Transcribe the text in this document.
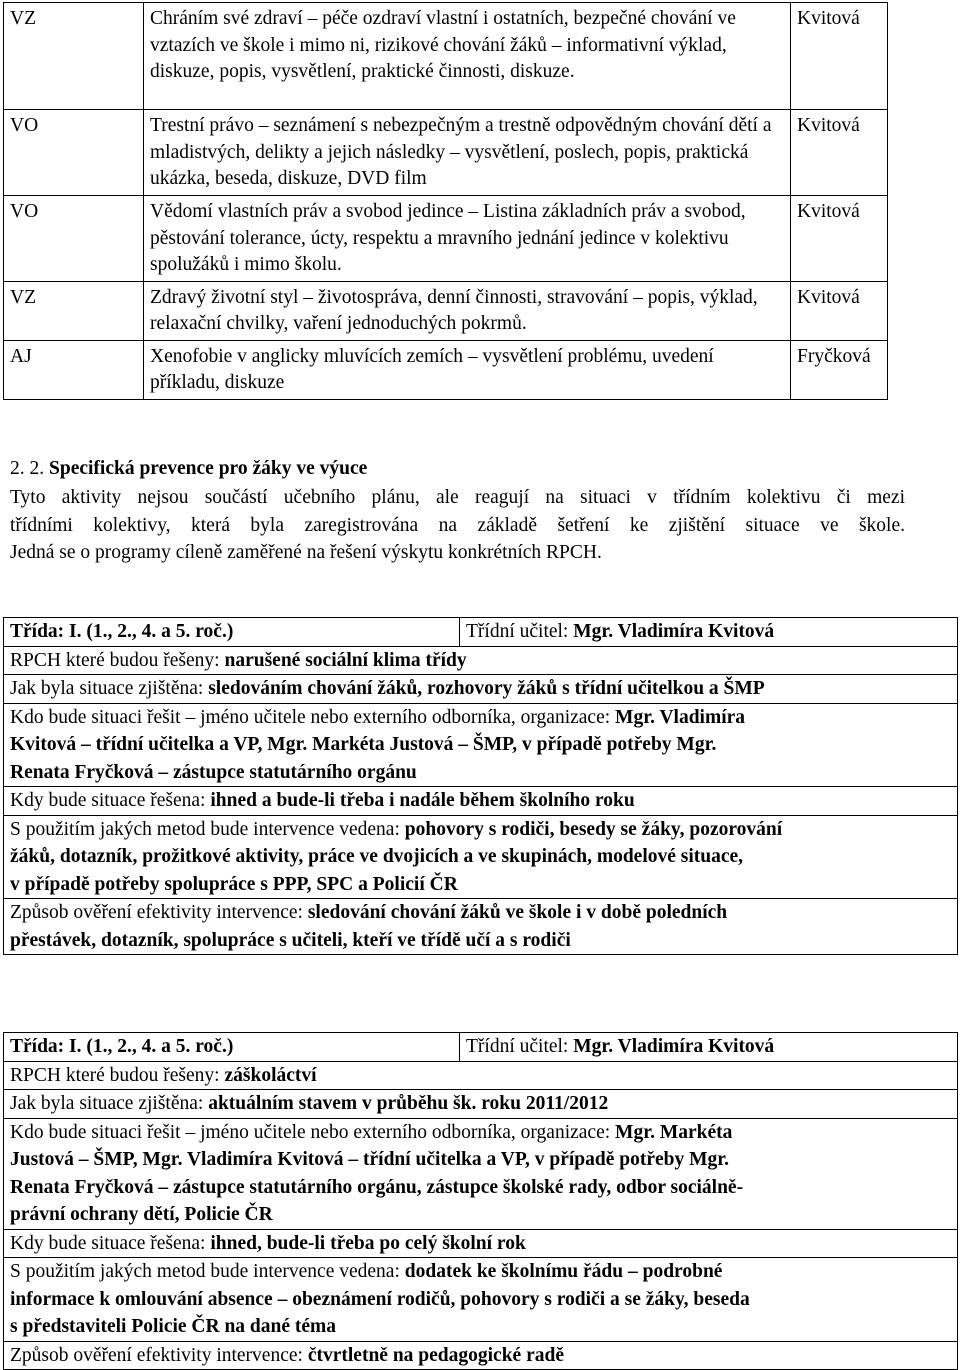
VZ	Chráním své zdraví – péče ozdraví vlastní i ostatních, bezpečné chování ve vztazích ve škole i mimo ni, rizikové chování žáků – informativní výklad, diskuze, popis, vysvětlení, praktické činnosti, diskuze.	Kvitová
VO	Trestní právo – seznámení s nebezpečným a trestně odpovědným chování dětí a mladistvých, delikty a jejich následky – vysvětlení, poslech, popis, praktická ukázka, beseda, diskuze, DVD film	Kvitová
VO	Vědomí vlastních práv a svobod jedince – Listina základních práv a svobod, pěstování tolerance, úcty, respektu a mravního jednání jedince v kolektivu spolužáků i mimo školu.	Kvitová
VZ	Zdravý životní styl – životospráva, denní činnosti, stravování – popis, výklad, relaxační chvilky, vaření jednoduchých pokrmů.	Kvitová
AJ	Xenofobie v anglicky mluvících zemích – vysvětlení problému, uvedení příkladu, diskuze	Fryčková
2. 2. Specifická prevence pro žáky ve výuce
Tyto aktivity nejsou součástí učebního plánu, ale reagují na situaci v třídním kolektivu či mezi
třídními kolektivy, která byla zaregistrována na základě šetření ke zjištění situace ve škole.
Jedná se o programy cíleně zaměřené na řešení výskytu konkrétních RPCH.
Třída: I. (1., 2., 4. a 5. roč.)	Třídní učitel: Mgr. Vladimíra Kvitová
RPCH které budou řešeny: narušené sociální klima třídy
Jak byla situace zjištěna: sledováním chování žáků, rozhovory žáků s třídní učitelkou a ŠMP
Kdo bude situaci řešit – jméno učitele nebo externího odborníka, organizace: Mgr. Vladimíra
Kvitová – třídní učitelka a VP, Mgr. Markéta Justová – ŠMP, v případě potřeby Mgr.
Renata Fryčková – zástupce statutárního orgánu
Kdy bude situace řešena: ihned a bude-li třeba i nadále během školního roku
S použitím jakých metod bude intervence vedena: pohovory s rodiči, besedy se žáky, pozorování
žáků, dotazník, prožitkové aktivity, práce ve dvojicích a ve skupinách, modelové situace,
v případě potřeby spolupráce s PPP, SPC a Policií ČR
Způsob ověření efektivity intervence: sledování chování žáků ve škole i v době poledních
přestávek, dotazník, spolupráce s učiteli, kteří ve třídě učí a s rodiči
Třída: I. (1., 2., 4. a 5. roč.)	Třídní učitel: Mgr. Vladimíra Kvitová
RPCH které budou řešeny: záškoláctví
Jak byla situace zjištěna: aktuálním stavem v průběhu šk. roku 2011/2012
Kdo bude situaci řešit – jméno učitele nebo externího odborníka, organizace: Mgr. Markéta
Justová – ŠMP, Mgr. Vladimíra Kvitová – třídní učitelka a VP, v případě potřeby Mgr.
Renata Fryčková – zástupce statutárního orgánu, zástupce školské rady, odbor sociálně-
právní ochrany dětí, Policie ČR
Kdy bude situace řešena: ihned, bude-li třeba po celý školní rok
S použitím jakých metod bude intervence vedena: dodatek ke školnímu řádu – podrobné
informace k omlouvání absence – obeznámení rodičů, pohovory s rodiči a se žáky, beseda
s představiteli Policie ČR na dané téma
Způsob ověření efektivity intervence: čtvrtletně na pedagogické radě
